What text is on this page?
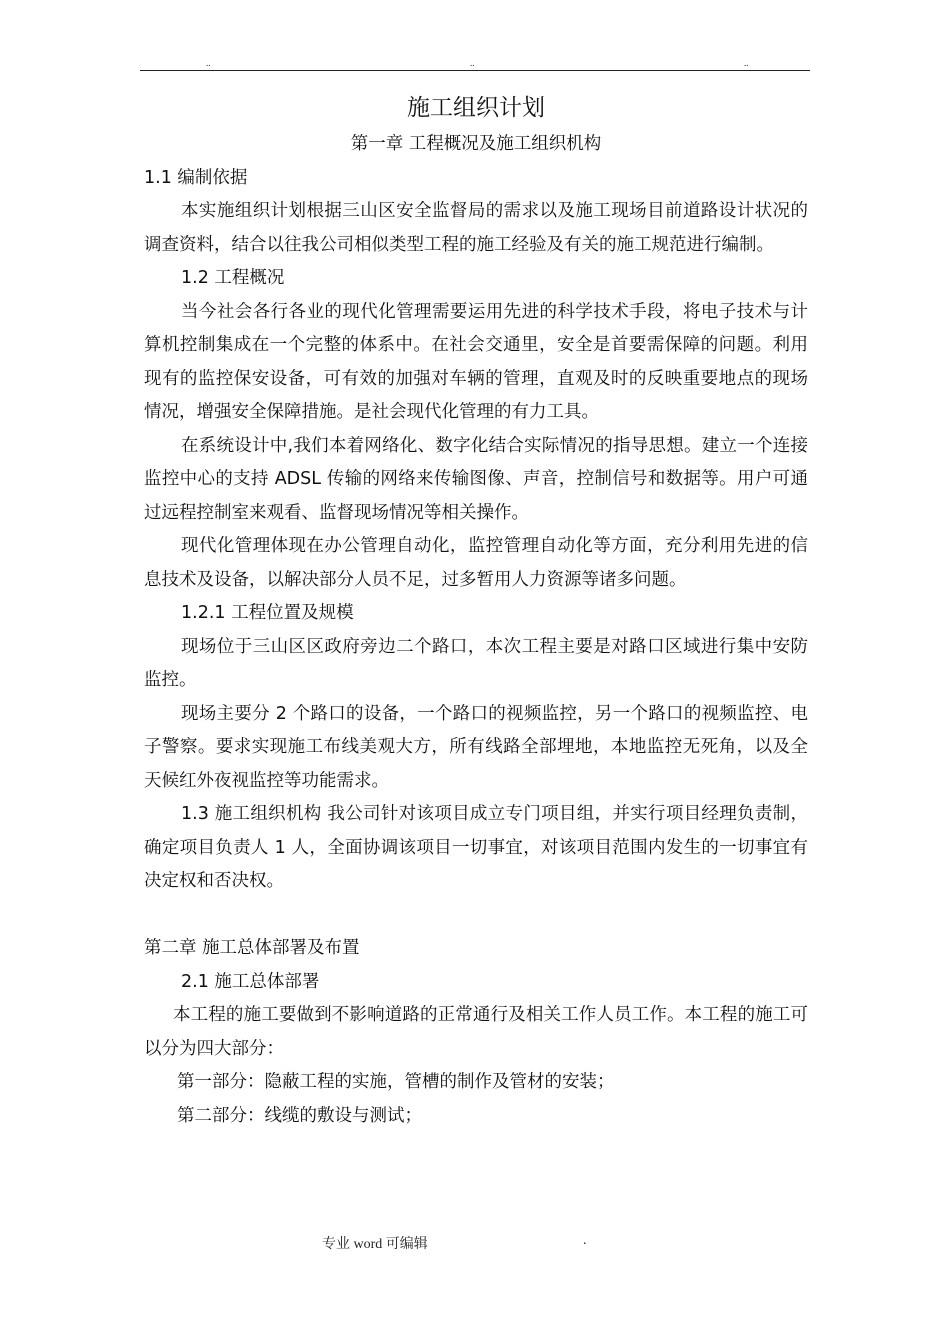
..	..	..
施工组织计划

第一章 工程概况及施工组织机构

1.1 编制依据

本实施组织计划根据三山区安全监督局的需求以及施工现场目前道路设计状况的调查资料，结合以往我公司相似类型工程的施工经验及有关的施工规范进行编制。

1.2 工程概况

当今社会各行各业的现代化管理需要运用先进的科学技术手段，将电子技术与计算机控制集成在一个完整的体系中。在社会交通里，安全是首要需保障的问题。利用现有的监控保安设备，可有效的加强对车辆的管理，直观及时的反映重要地点的现场情况，增强安全保障措施。是社会现代化管理的有力工具。

在系统设计中,我们本着网络化、数字化结合实际情况的指导思想。建立一个连接监控中心的支持 ADSL 传输的网络来传输图像、声音，控制信号和数据等。用户可通过远程控制室来观看、监督现场情况等相关操作。

现代化管理体现在办公管理自动化，监控管理自动化等方面，充分利用先进的信息技术及设备，以解决部分人员不足，过多暂用人力资源等诸多问题。

1.2.1 工程位置及规模

现场位于三山区区政府旁边二个路口，本次工程主要是对路口区域进行集中安防监控。

现场主要分 2 个路口的设备，一个路口的视频监控，另一个路口的视频监控、电子警察。要求实现施工布线美观大方，所有线路全部埋地，本地监控无死角，以及全天候红外夜视监控等功能需求。

1.3 施工组织机构 我公司针对该项目成立专门项目组，并实行项目经理负责制，确定项目负责人 1 人，全面协调该项目一切事宜，对该项目范围内发生的一切事宜有决定权和否决权。

第二章 施工总体部署及布置

2.1 施工总体部署

本工程的施工要做到不影响道路的正常通行及相关工作人员工作。本工程的施工可以分为四大部分：

第一部分：隐蔽工程的实施，管槽的制作及管材的安装；

第二部分：线缆的敷设与测试；

专业 word 可编辑	.
